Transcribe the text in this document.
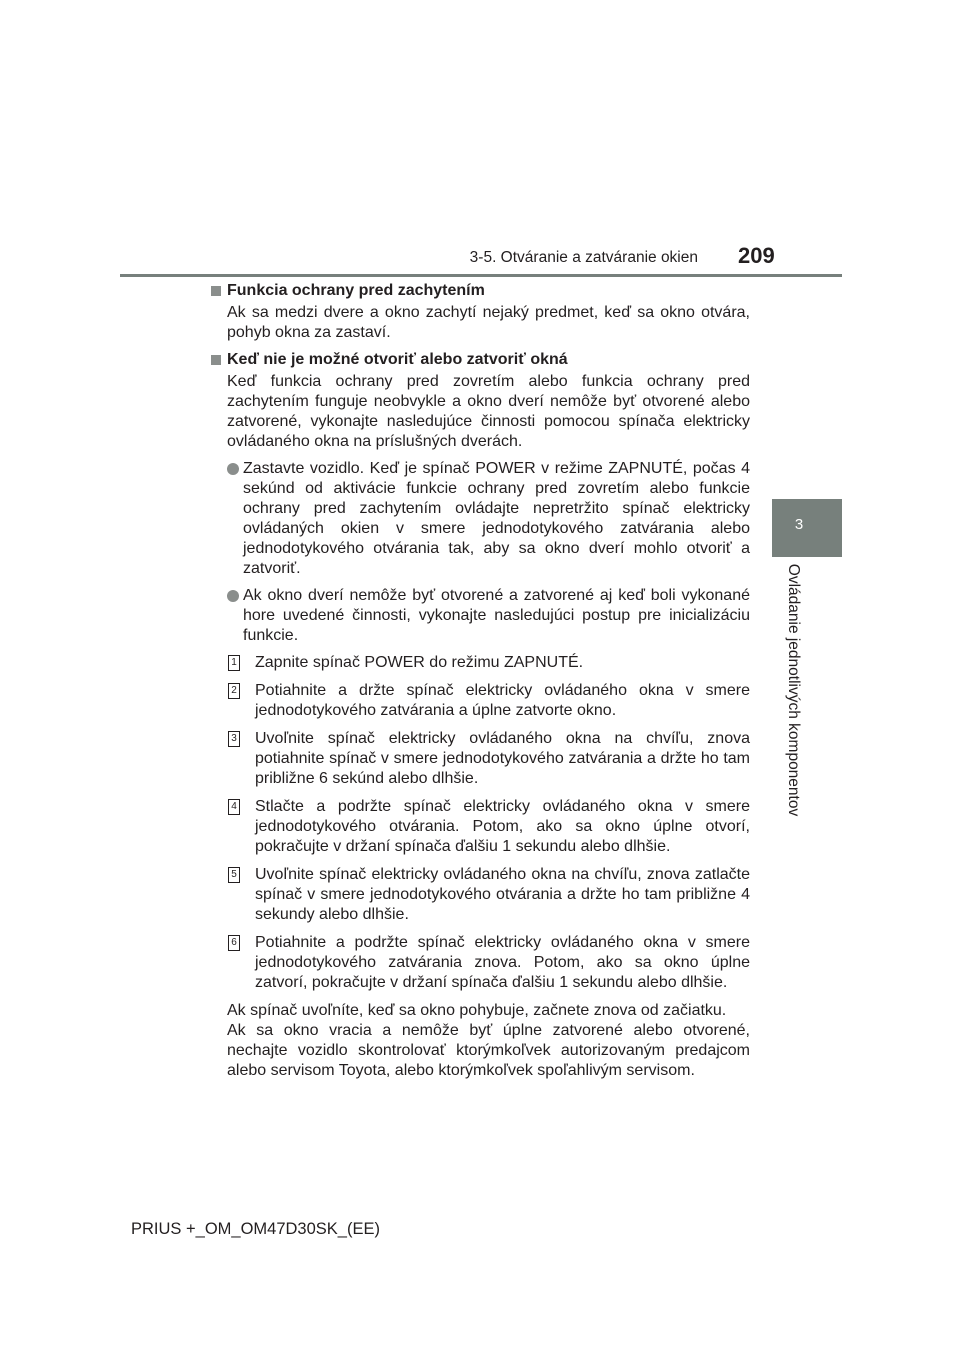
3-5. Otváranie a zatváranie okien 209
3
Ovládanie jednotlivých komponentov
Funkcia ochrany pred zachytením
Ak sa medzi dvere a okno zachytí nejaký predmet, keď sa okno otvára, pohyb okna za zastaví.
Keď nie je možné otvoriť alebo zatvoriť okná
Keď funkcia ochrany pred zovretím alebo funkcia ochrany pred zachytením funguje neobvykle a okno dverí nemôže byť otvorené alebo zatvorené, vykonajte nasledujúce činnosti pomocou spínača elektricky ovládaného okna na príslušných dverách.
Zastavte vozidlo. Keď je spínač POWER v režime ZAPNUTÉ, počas 4 sekúnd od aktivácie funkcie ochrany pred zovretím alebo funkcie ochrany pred zachytením ovládajte nepretržito spínač elektricky ovládaných okien v smere jednodotykového zatvárania alebo jednodotykového otvárania tak, aby sa okno dverí mohlo otvoriť a zatvoriť.
Ak okno dverí nemôže byť otvorené a zatvorené aj keď boli vykonané hore uvedené činnosti, vykonajte nasledujúci postup pre inicializáciu funkcie.
1 Zapnite spínač POWER do režimu ZAPNUTÉ.
2 Potiahnite a držte spínač elektricky ovládaného okna v smere jednodotykového zatvárania a úplne zatvorte okno.
3 Uvoľnite spínač elektricky ovládaného okna na chvíľu, znova potiahnite spínač v smere jednodotykového zatvárania a držte ho tam približne 6 sekúnd alebo dlhšie.
4 Stlačte a podržte spínač elektricky ovládaného okna v smere jednodotykového otvárania. Potom, ako sa okno úplne otvorí, pokračujte v držaní spínača ďalšiu 1 sekundu alebo dlhšie.
5 Uvoľnite spínač elektricky ovládaného okna na chvíľu, znova zatlačte spínač v smere jednodotykového otvárania a držte ho tam približne 4 sekundy alebo dlhšie.
6 Potiahnite a podržte spínač elektricky ovládaného okna v smere jednodotykového zatvárania znova. Potom, ako sa okno úplne zatvorí, pokračujte v držaní spínača ďalšiu 1 sekundu alebo dlhšie.
Ak spínač uvoľníte, keď sa okno pohybuje, začnete znova od začiatku.
Ak sa okno vracia a nemôže byť úplne zatvorené alebo otvorené, nechajte vozidlo skontrolovať ktorýmkoľvek autorizovaným predajcom alebo servisom Toyota, alebo ktorýmkoľvek spoľahlivým servisom.
PRIUS +_OM_OM47D30SK_(EE)
